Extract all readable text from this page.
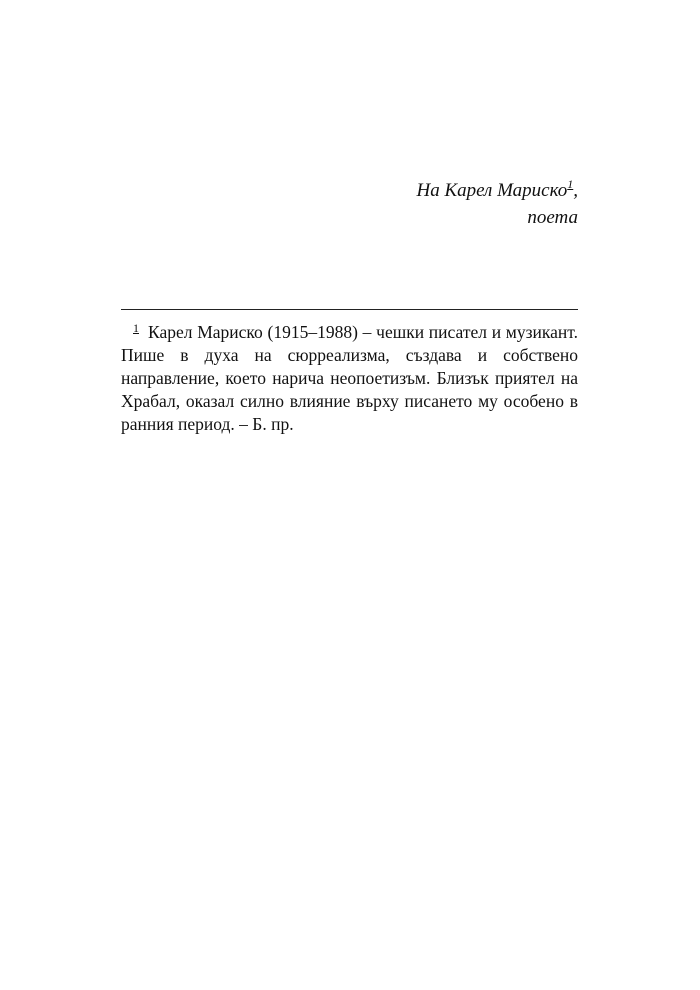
На Карел Мариско$^1$,
поета
$^1$ Карел Мариско (1915–1988) – чешки писател и музикант. Пише в духа на сюрреализма, създава и собствено направление, което нарича неопоетизъм. Близък приятел на Храбал, оказал силно влияние върху писането му особено в ранния период. – Б. пр.
